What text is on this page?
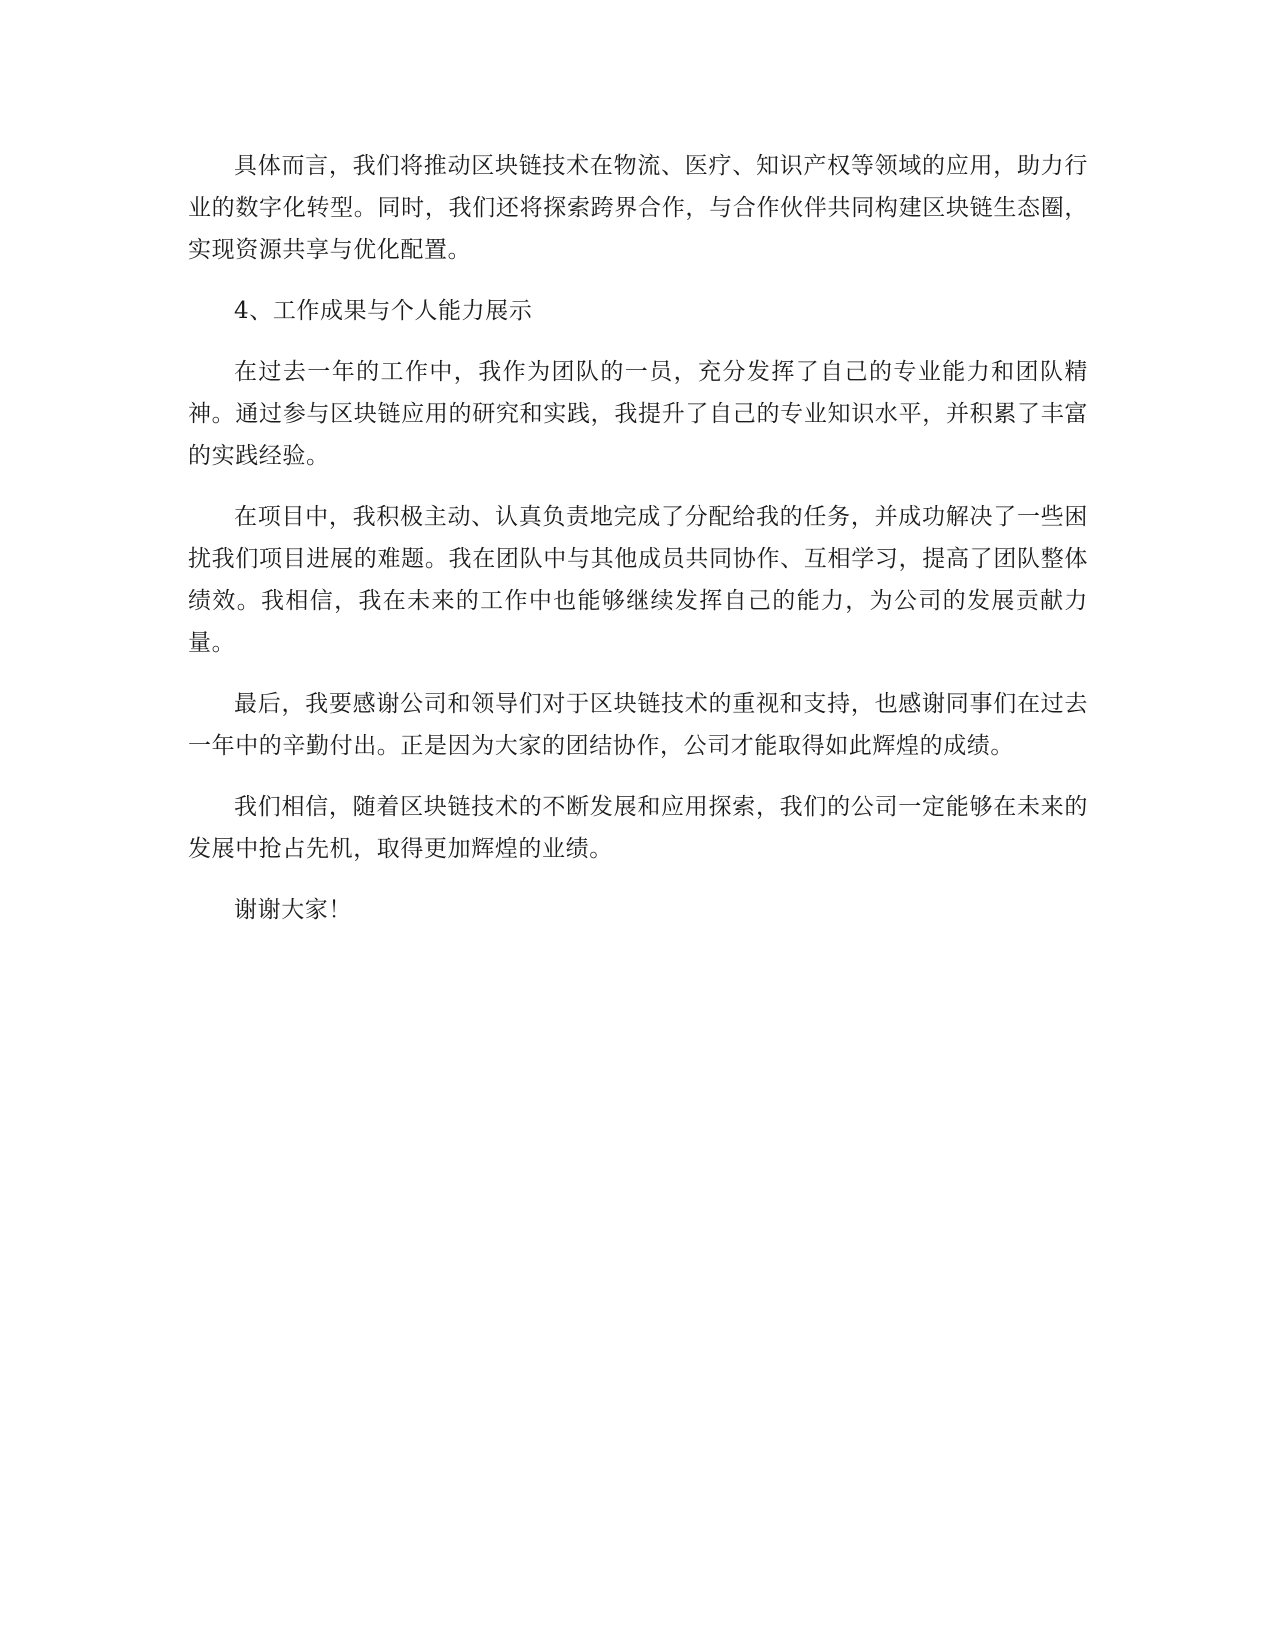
具体而言，我们将推动区块链技术在物流、医疗、知识产权等领域的应用，助力行业的数字化转型。同时，我们还将探索跨界合作，与合作伙伴共同构建区块链生态圈，实现资源共享与优化配置。

4、工作成果与个人能力展示

在过去一年的工作中，我作为团队的一员，充分发挥了自己的专业能力和团队精神。通过参与区块链应用的研究和实践，我提升了自己的专业知识水平，并积累了丰富的实践经验。

在项目中，我积极主动、认真负责地完成了分配给我的任务，并成功解决了一些困扰我们项目进展的难题。我在团队中与其他成员共同协作、互相学习，提高了团队整体绩效。我相信，我在未来的工作中也能够继续发挥自己的能力，为公司的发展贡献力量。

最后，我要感谢公司和领导们对于区块链技术的重视和支持，也感谢同事们在过去一年中的辛勤付出。正是因为大家的团结协作，公司才能取得如此辉煌的成绩。

我们相信，随着区块链技术的不断发展和应用探索，我们的公司一定能够在未来的发展中抢占先机，取得更加辉煌的业绩。

谢谢大家！
